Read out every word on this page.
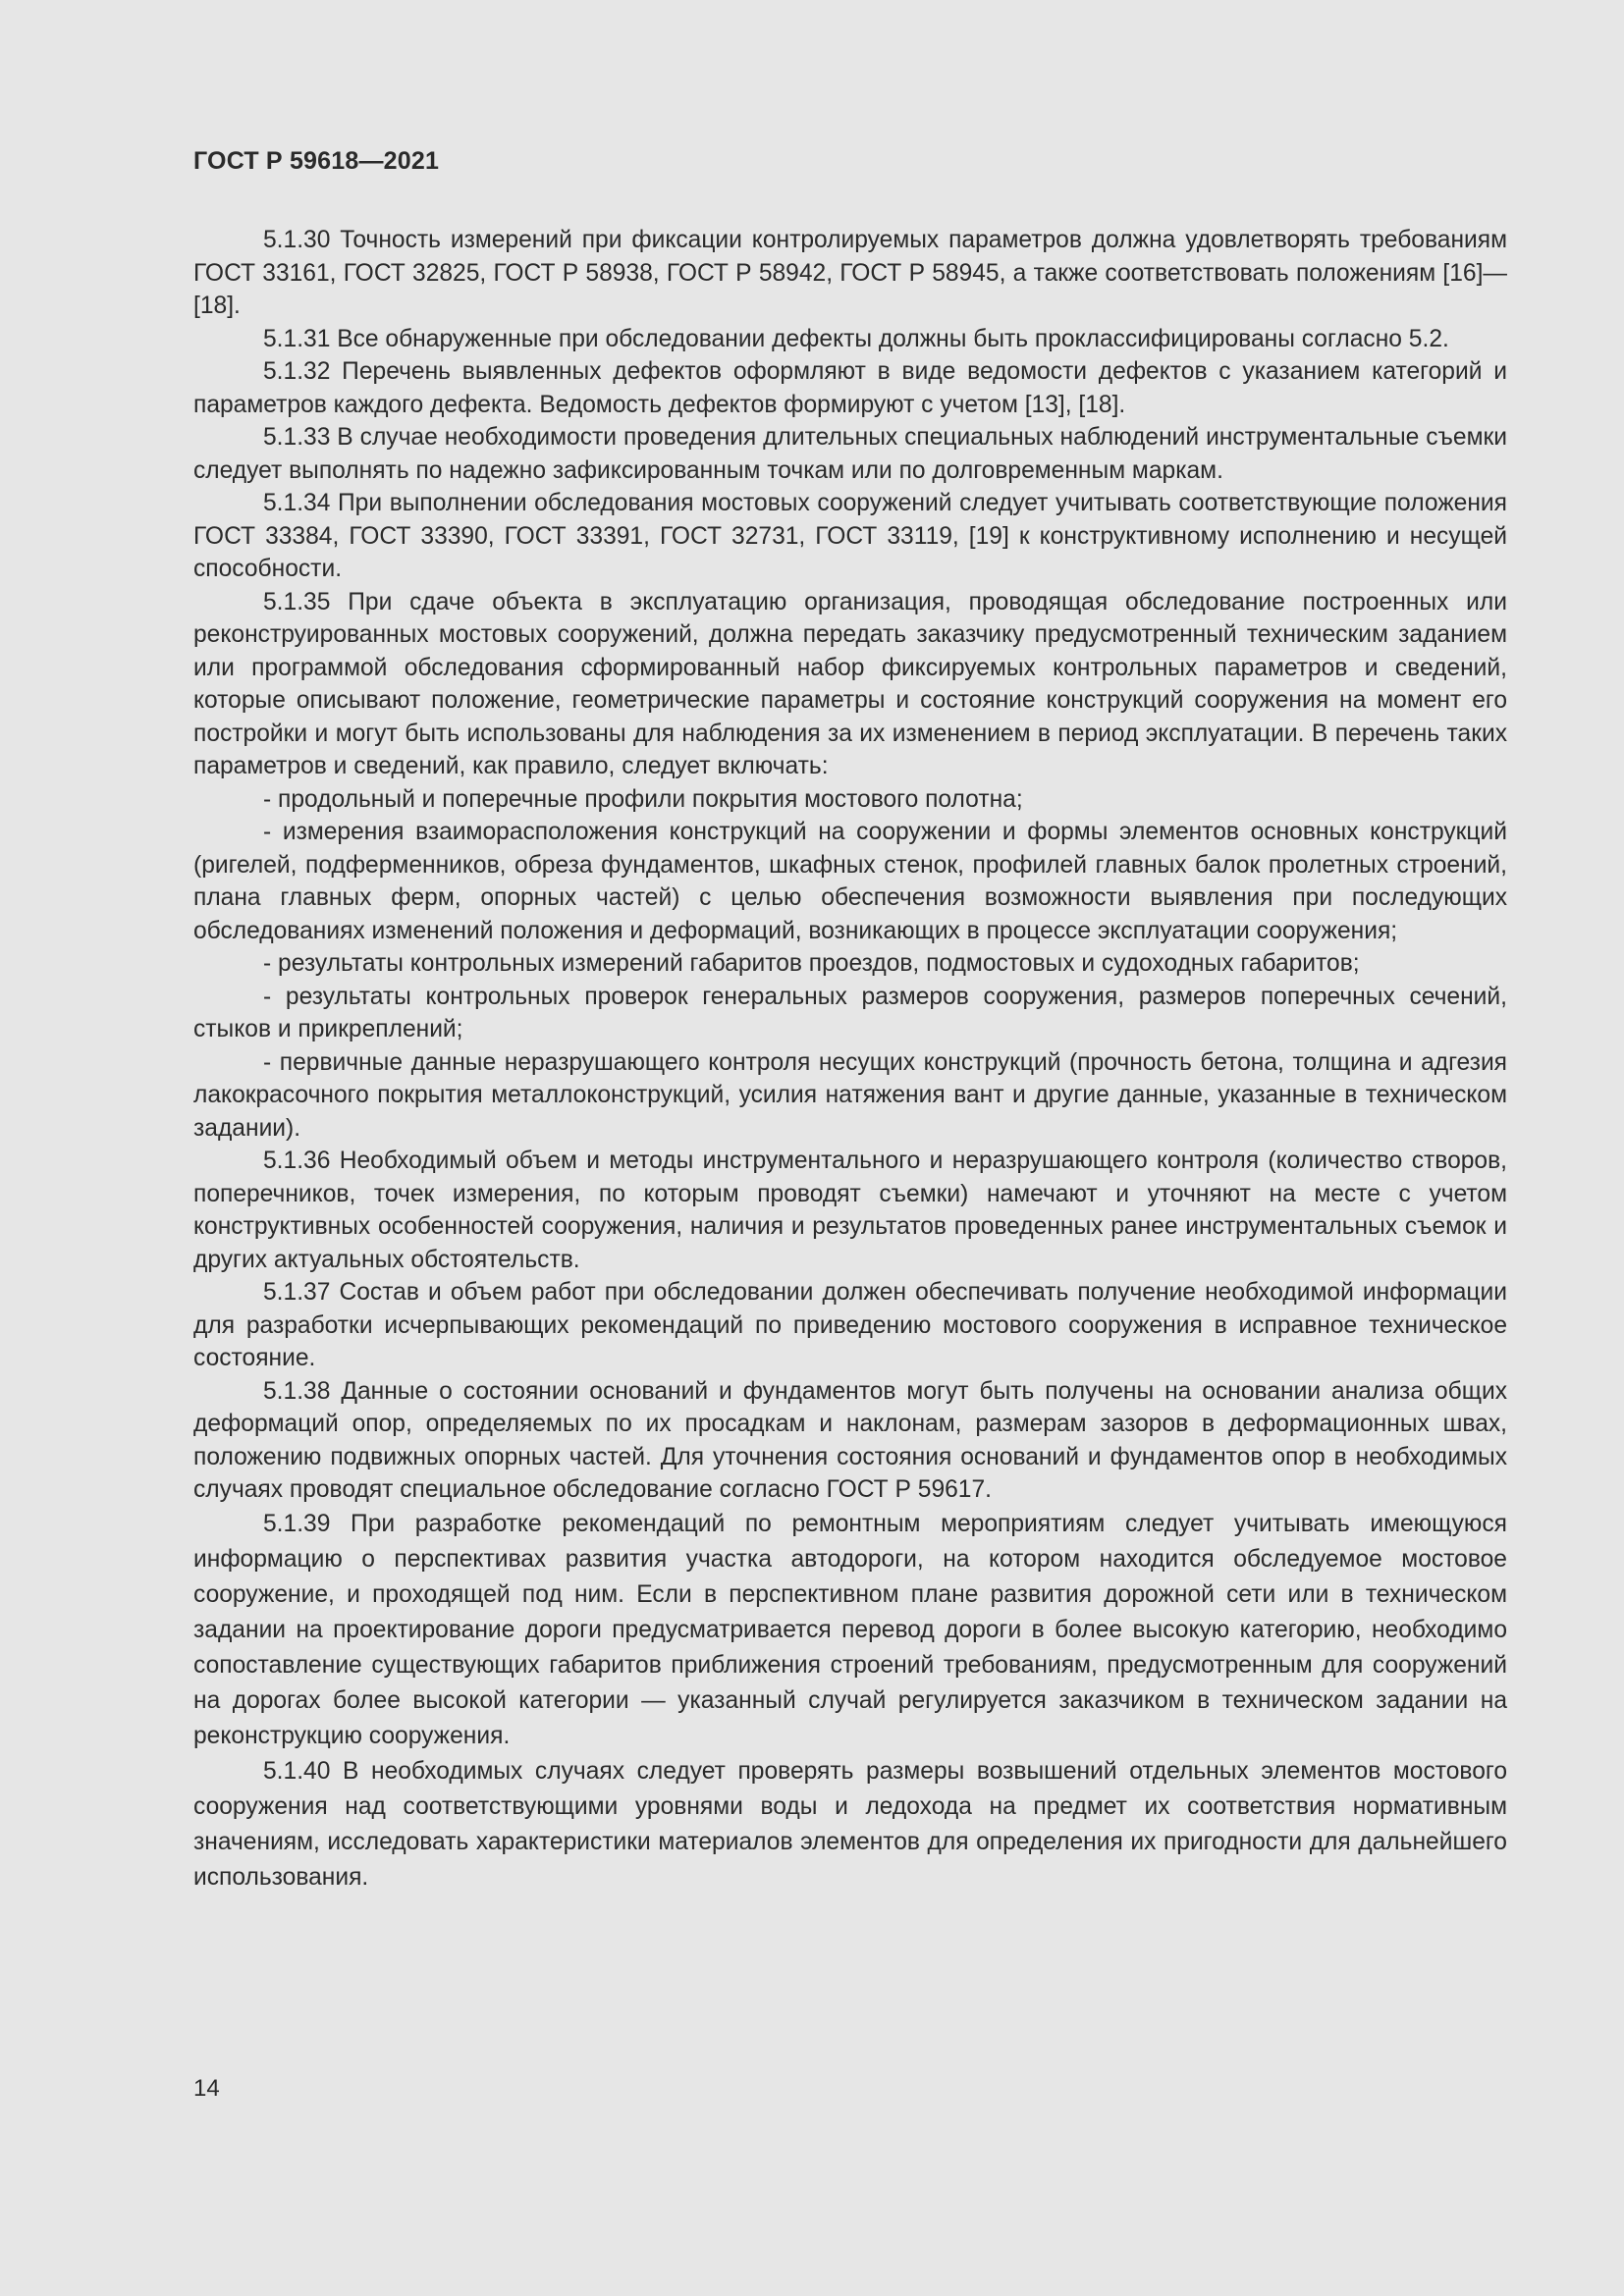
ГОСТ Р 59618—2021

5.1.30 Точность измерений при фиксации контролируемых параметров должна удовлетворять требованиям ГОСТ 33161, ГОСТ 32825, ГОСТ Р 58938, ГОСТ Р 58942, ГОСТ Р 58945, а также соответствовать положениям [16]—[18].

5.1.31 Все обнаруженные при обследовании дефекты должны быть проклассифицированы согласно 5.2.

5.1.32 Перечень выявленных дефектов оформляют в виде ведомости дефектов с указанием категорий и параметров каждого дефекта. Ведомость дефектов формируют с учетом [13], [18].

5.1.33 В случае необходимости проведения длительных специальных наблюдений инструментальные съемки следует выполнять по надежно зафиксированным точкам или по долговременным маркам.

5.1.34 При выполнении обследования мостовых сооружений следует учитывать соответствующие положения ГОСТ 33384, ГОСТ 33390, ГОСТ 33391, ГОСТ 32731, ГОСТ 33119, [19] к конструктивному исполнению и несущей способности.

5.1.35 При сдаче объекта в эксплуатацию организация, проводящая обследование построенных или реконструированных мостовых сооружений, должна передать заказчику предусмотренный техническим заданием или программой обследования сформированный набор фиксируемых контрольных параметров и сведений, которые описывают положение, геометрические параметры и состояние конструкций сооружения на момент его постройки и могут быть использованы для наблюдения за их изменением в период эксплуатации. В перечень таких параметров и сведений, как правило, следует включать:

- продольный и поперечные профили покрытия мостового полотна;

- измерения взаиморасположения конструкций на сооружении и формы элементов основных конструкций (ригелей, подферменников, обреза фундаментов, шкафных стенок, профилей главных балок пролетных строений, плана главных ферм, опорных частей) с целью обеспечения возможности выявления при последующих обследованиях изменений положения и деформаций, возникающих в процессе эксплуатации сооружения;

- результаты контрольных измерений габаритов проездов, подмостовых и судоходных габаритов;

- результаты контрольных проверок генеральных размеров сооружения, размеров поперечных сечений, стыков и прикреплений;

- первичные данные неразрушающего контроля несущих конструкций (прочность бетона, толщина и адгезия лакокрасочного покрытия металлоконструкций, усилия натяжения вант и другие данные, указанные в техническом задании).

5.1.36 Необходимый объем и методы инструментального и неразрушающего контроля (количество створов, поперечников, точек измерения, по которым проводят съемки) намечают и уточняют на месте с учетом конструктивных особенностей сооружения, наличия и результатов проведенных ранее инструментальных съемок и других актуальных обстоятельств.

5.1.37 Состав и объем работ при обследовании должен обеспечивать получение необходимой информации для разработки исчерпывающих рекомендаций по приведению мостового сооружения в исправное техническое состояние.

5.1.38 Данные о состоянии оснований и фундаментов могут быть получены на основании анализа общих деформаций опор, определяемых по их просадкам и наклонам, размерам зазоров в деформационных швах, положению подвижных опорных частей. Для уточнения состояния оснований и фундаментов опор в необходимых случаях проводят специальное обследование согласно ГОСТ Р 59617.

5.1.39 При разработке рекомендаций по ремонтным мероприятиям следует учитывать имеющуюся информацию о перспективах развития участка автодороги, на котором находится обследуемое мостовое сооружение, и проходящей под ним. Если в перспективном плане развития дорожной сети или в техническом задании на проектирование дороги предусматривается перевод дороги в более высокую категорию, необходимо сопоставление существующих габаритов приближения строений требованиям, предусмотренным для сооружений на дорогах более высокой категории — указанный случай регулируется заказчиком в техническом задании на реконструкцию сооружения.

5.1.40 В необходимых случаях следует проверять размеры возвышений отдельных элементов мостового сооружения над соответствующими уровнями воды и ледохода на предмет их соответствия нормативным значениям, исследовать характеристики материалов элементов для определения их пригодности для дальнейшего использования.

14
